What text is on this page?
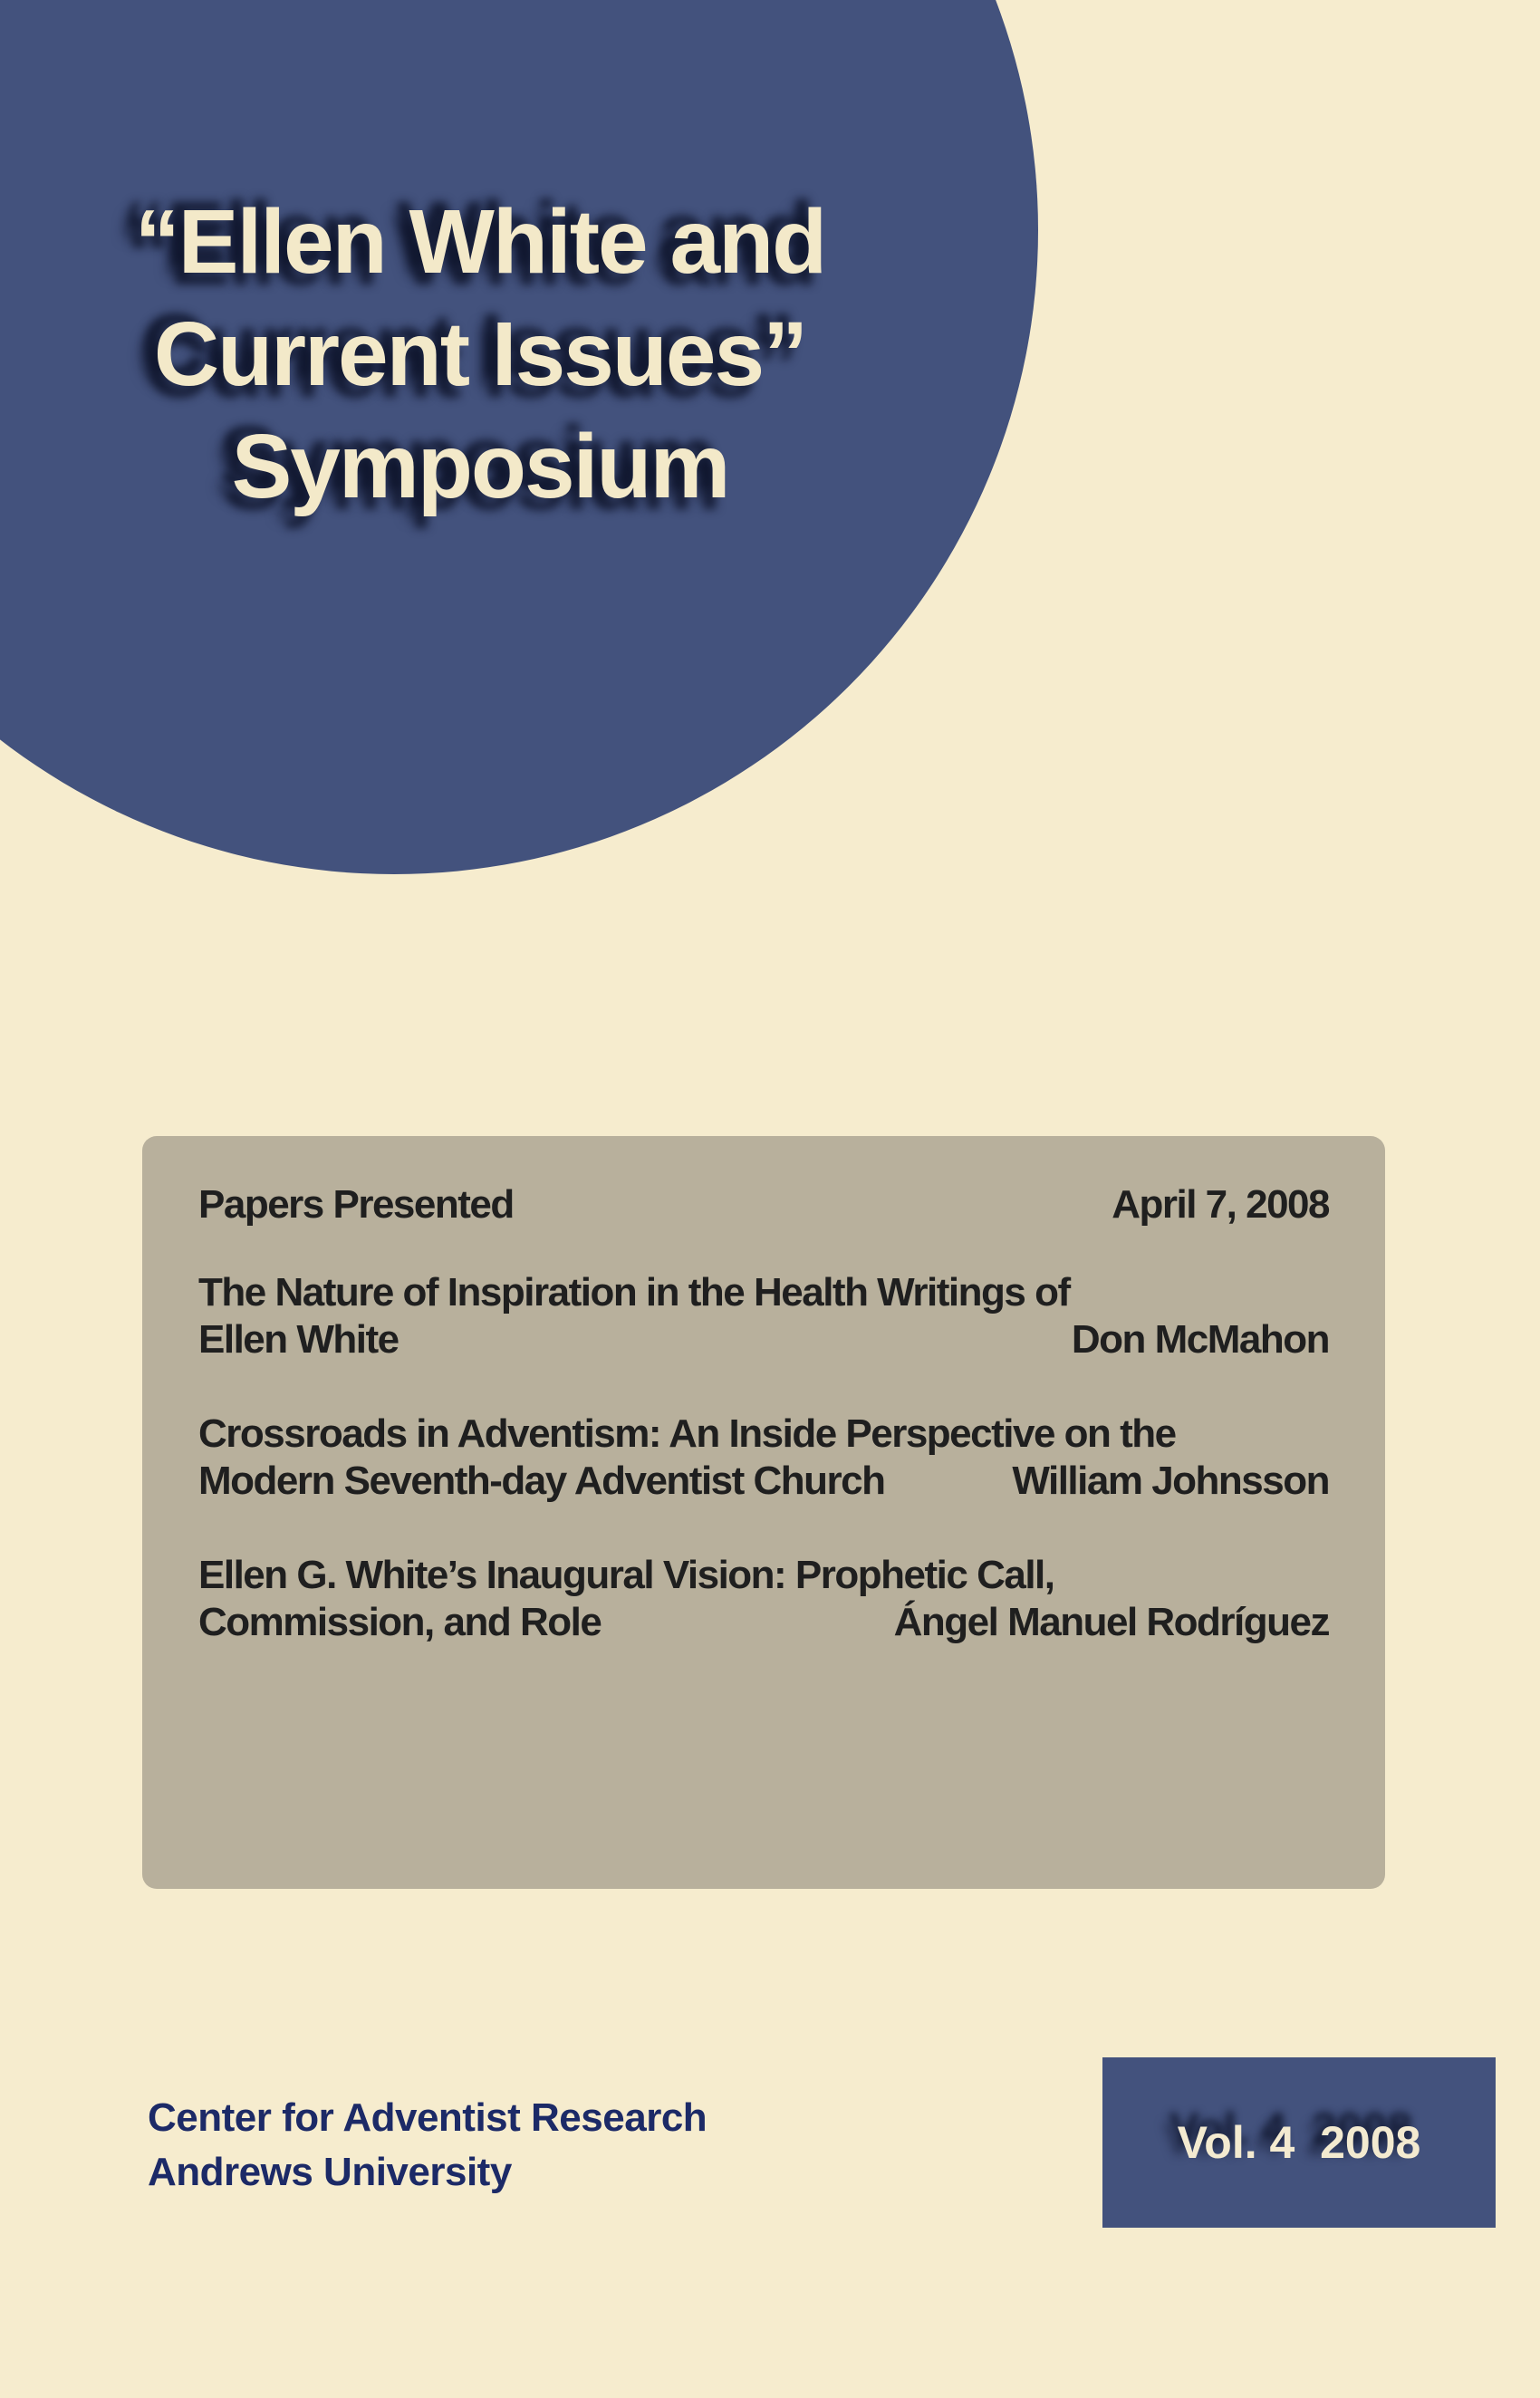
“Ellen White and
Current Issues”
Symposium
Papers Presented	April 7, 2008
The Nature of Inspiration in the Health Writings of
Ellen White	Don McMahon
Crossroads in Adventism: An Inside Perspective on the
Modern Seventh-day Adventist Church	William Johnsson
Ellen G. White’s Inaugural Vision: Prophetic Call,
Commission, and Role	Ángel Manuel Rodríguez
Center for Adventist Research
Andrews University
Vol. 4  2008
